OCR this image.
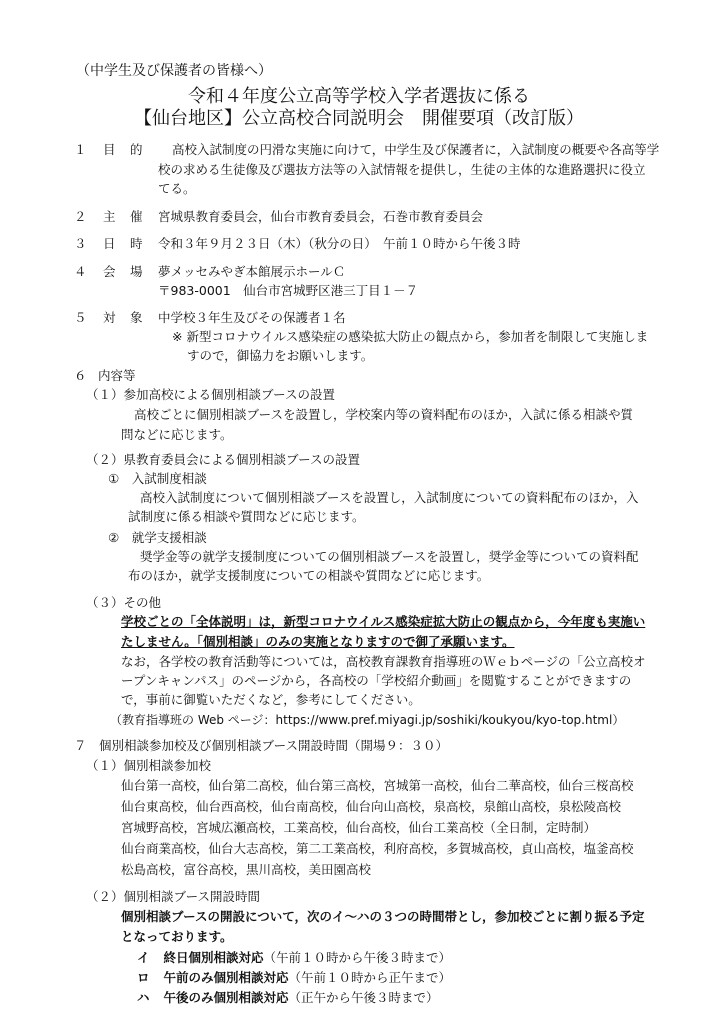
（中学生及び保護者の皆様へ）
令和４年度公立高等学校入学者選抜に係る
【仙台地区】公立高校合同説明会　開催要項（改訂版）
１ 目　的 高校入試制度の円滑な実施に向けて，中学生及び保護者に，入試制度の概要や各高等学
校の求める生徒像及び選抜方法等の入試情報を提供し，生徒の主体的な進路選択に役立
てる。
２ 主　催 宮城県教育委員会，仙台市教育委員会，石巻市教育委員会
３ 日　時 令和３年９月２３日（木）（秋分の日）　午前１０時から午後３時
４ 会　場 夢メッセみやぎ本館展示ホールＣ
〒983-0001　仙台市宮城野区港三丁目１－７
５ 対　象 中学校３年生及びその保護者１名
※ 新型コロナウイルス感染症の感染拡大防止の観点から，参加者を制限して実施しま
すので，御協力をお願いします。
６ 内容等
（１）参加高校による個別相談ブースの設置
高校ごとに個別相談ブースを設置し，学校案内等の資料配布のほか，入試に係る相談や質
問などに応じます。
（２）県教育委員会による個別相談ブースの設置
①　入試制度相談
高校入試制度について個別相談ブースを設置し，入試制度についての資料配布のほか，入
試制度に係る相談や質問などに応じます。
②　就学支援相談
奨学金等の就学支援制度についての個別相談ブースを設置し，奨学金等についての資料配
布のほか，就学支援制度についての相談や質問などに応じます。
（３）その他
学校ごとの「全体説明」は，新型コロナウイルス感染症拡大防止の観点から，今年度も実施い
たしません。「個別相談」のみの実施となりますので御了承願います。
なお，各学校の教育活動等については，高校教育課教育指導班のＷｅｂページの「公立高校オ
ープンキャンパス」のページから，各高校の「学校紹介動画」を閲覧することができますの
で，事前に御覧いただくなど，参考にしてください。
（教育指導班の Web ページ：https://www.pref.miyagi.jp/soshiki/koukyou/kyo-top.html）
７　個別相談参加校及び個別相談ブース開設時間（開場９：３０）
（１）個別相談参加校
仙台第一高校，仙台第二高校，仙台第三高校，宮城第一高校，仙台二華高校，仙台三桜高校
仙台東高校，仙台西高校，仙台南高校，仙台向山高校，泉高校，泉館山高校，泉松陵高校
宮城野高校，宮城広瀬高校，工業高校，仙台高校，仙台工業高校（全日制，定時制）
仙台商業高校，仙台大志高校，第二工業高校，利府高校，多賀城高校，貞山高校，塩釜高校
松島高校，富谷高校，黒川高校，美田園高校
（２）個別相談ブース開設時間
個別相談ブースの開設について，次のイ～ハの３つの時間帯とし，参加校ごとに割り振る予定
となっております。
イ 終日個別相談対応（午前１０時から午後３時まで）
ロ 午前のみ個別相談対応（午前１０時から正午まで）
ハ 午後のみ個別相談対応（正午から午後３時まで）
